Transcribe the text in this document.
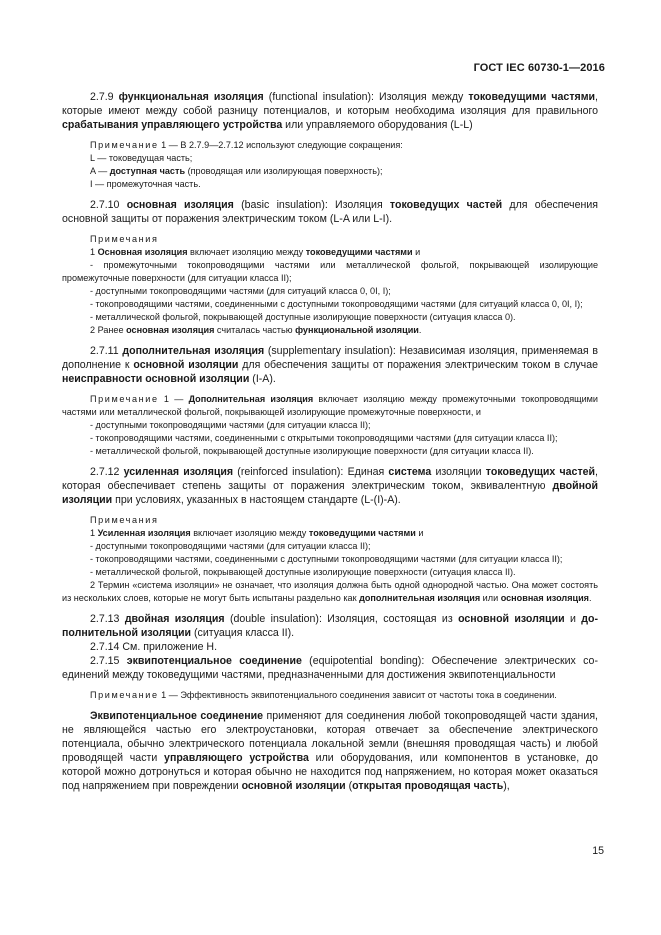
ГОСТ IEC 60730-1—2016

2.7.9 функциональная изоляция (functional insulation): Изоляция между токоведущими частями, которые имеют между собой разницу потенциалов, и которым необходима изоляция для правильного срабатывания управляющего устройства или управляемого оборудования (L-L)

Примечание 1 — В 2.7.9—2.7.12 используют следующие сокращения:

L — токоведущая часть;

A — доступная часть (проводящая или изолирующая поверхность);

I — промежуточная часть.

2.7.10 основная изоляция (basic insulation): Изоляция токоведущих частей для обеспечения основной защиты от поражения электрическим током (L-A или L-I).

Примечания

1 Основная изоляция включает изоляцию между токоведущими частями и

- промежуточными токопроводящими частями или металлической фольгой, покрывающей изолирующие промежуточные поверхности (для ситуации класса II);

- доступными токопроводящими частями (для ситуаций класса 0, 0I, I);

- токопроводящими частями, соединенными с доступными токопроводящими частями (для ситуаций класса 0, 0I, I);

- металлической фольгой, покрывающей доступные изолирующие поверхности (ситуация класса 0).

2 Ранее основная изоляция считалась частью функциональной изоляции.

2.7.11 дополнительная изоляция (supplementary insulation): Независимая изоляция, применяемая в дополнение к основной изоляции для обеспечения защиты от поражения электрическим током в случае неисправности основной изоляции (I-A).

Примечание 1 — Дополнительная изоляция включает изоляцию между промежуточными токопроводящими частями или металлической фольгой, покрывающей изолирующие промежуточные поверхности, и

- доступными токопроводящими частями (для ситуации класса II);

- токопроводящими частями, соединенными с открытыми токопроводящими частями (для ситуации класса II);

- металлической фольгой, покрывающей доступные изолирующие поверхности (для ситуации класса II).

2.7.12 усиленная изоляция (reinforced insulation): Единая система изоляции токоведущих частей, которая обеспечивает степень защиты от поражения электрическим током, эквивалентную двойной изоляции при условиях, указанных в настоящем стандарте (L-(I)-A).

Примечания

1 Усиленная изоляция включает изоляцию между токоведущими частями и

- доступными токопроводящими частями (для ситуации класса II);

- токопроводящими частями, соединенными с доступными токопроводящими частями (для ситуации класса II);

- металлической фольгой, покрывающей доступные изолирующие поверхности (ситуация класса II).

2 Термин «система изоляции» не означает, что изоляция должна быть одной однородной частью. Она может состоять из нескольких слоев, которые не могут быть испытаны раздельно как дополнительная изоляция или основная изоляция.

2.7.13 двойная изоляция (double insulation): Изоляция, состоящая из основной изоляции и дополнительной изоляции (ситуация класса II).

2.7.14 См. приложение Н.

2.7.15 эквипотенциальное соединение (equipotential bonding): Обеспечение электрических соединений между токоведущими частями, предназначенными для достижения эквипотенциальности

Примечание 1 — Эффективность эквипотенциального соединения зависит от частоты тока в соединении.

Эквипотенциальное соединение применяют для соединения любой токопроводящей части здания, не являющейся частью его электроустановки, которая отвечает за обеспечение электрического потенциала, обычно электрического потенциала локальной земли (внешняя проводящая часть) и любой проводящей части управляющего устройства или оборудования, или компонентов в установке, до которой можно дотронуться и которая обычно не находится под напряжением, но которая может оказаться под напряжением при повреждении основной изоляции (открытая проводящая часть),

15
